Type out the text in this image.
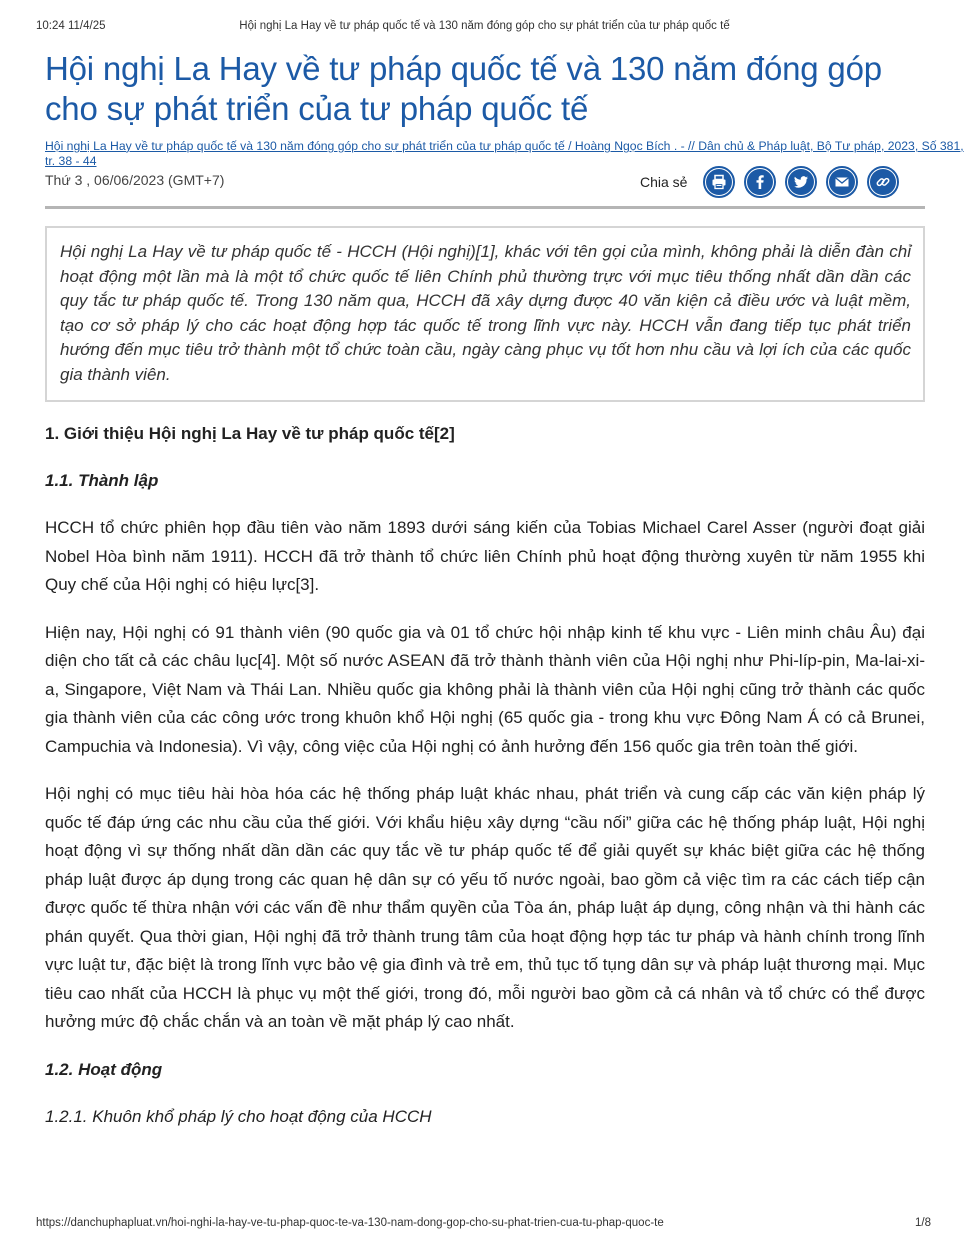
10:24 11/4/25	Hội nghị La Hay về tư pháp quốc tế và 130 năm đóng góp cho sự phát triển của tư pháp quốc tế
Hội nghị La Hay về tư pháp quốc tế và 130 năm đóng góp cho sự phát triển của tư pháp quốc tế
Hội nghị La Hay về tư pháp quốc tế và 130 năm đóng góp cho sự phát triển của tư pháp quốc tế / Hoàng Ngọc Bích . - // Dân chủ & Pháp luật, Bộ Tư pháp, 2023, Số 381, tr. 38 - 44
Thứ 3 , 06/06/2023 (GMT+7)	Chia sẻ

Hội nghị La Hay về tư pháp quốc tế - HCCH (Hội nghị)[1], khác với tên gọi của mình, không phải là diễn đàn chỉ hoạt động một lần mà là một tổ chức quốc tế liên Chính phủ thường trực với mục tiêu thống nhất dần dần các quy tắc tư pháp quốc tế. Trong 130 năm qua, HCCH đã xây dựng được 40 văn kiện cả điều ước và luật mềm, tạo cơ sở pháp lý cho các hoạt động hợp tác quốc tế trong lĩnh vực này. HCCH vẫn đang tiếp tục phát triển hướng đến mục tiêu trở thành một tổ chức toàn cầu, ngày càng phục vụ tốt hơn nhu cầu và lợi ích của các quốc gia thành viên.

1. Giới thiệu Hội nghị La Hay về tư pháp quốc tế[2]
1.1. Thành lập

HCCH tổ chức phiên họp đầu tiên vào năm 1893 dưới sáng kiến của Tobias Michael Carel Asser (người đoạt giải Nobel Hòa bình năm 1911). HCCH đã trở thành tổ chức liên Chính phủ hoạt động thường xuyên từ năm 1955 khi Quy chế của Hội nghị có hiệu lực[3].

Hiện nay, Hội nghị có 91 thành viên (90 quốc gia và 01 tổ chức hội nhập kinh tế khu vực - Liên minh châu Âu) đại diện cho tất cả các châu lục[4]. Một số nước ASEAN đã trở thành thành viên của Hội nghị như Phi-líp-pin, Ma-lai-xi-a, Singapore, Việt Nam và Thái Lan. Nhiều quốc gia không phải là thành viên của Hội nghị cũng trở thành các quốc gia thành viên của các công ước trong khuôn khổ Hội nghị (65 quốc gia - trong khu vực Đông Nam Á có cả Brunei, Campuchia và Indonesia). Vì vậy, công việc của Hội nghị có ảnh hưởng đến 156 quốc gia trên toàn thế giới.

Hội nghị có mục tiêu hài hòa hóa các hệ thống pháp luật khác nhau, phát triển và cung cấp các văn kiện pháp lý quốc tế đáp ứng các nhu cầu của thế giới. Với khẩu hiệu xây dựng “cầu nối” giữa các hệ thống pháp luật, Hội nghị hoạt động vì sự thống nhất dần dần các quy tắc về tư pháp quốc tế để giải quyết sự khác biệt giữa các hệ thống pháp luật được áp dụng trong các quan hệ dân sự có yếu tố nước ngoài, bao gồm cả việc tìm ra các cách tiếp cận được quốc tế thừa nhận với các vấn đề như thẩm quyền của Tòa án, pháp luật áp dụng, công nhận và thi hành các phán quyết. Qua thời gian, Hội nghị đã trở thành trung tâm của hoạt động hợp tác tư pháp và hành chính trong lĩnh vực luật tư, đặc biệt là trong lĩnh vực bảo vệ gia đình và trẻ em, thủ tục tố tụng dân sự và pháp luật thương mại. Mục tiêu cao nhất của HCCH là phục vụ một thế giới, trong đó, mỗi người bao gồm cả cá nhân và tổ chức có thể được hưởng mức độ chắc chắn và an toàn về mặt pháp lý cao nhất.

1.2. Hoạt động
1.2.1. Khuôn khổ pháp lý cho hoạt động của HCCH
https://danchuphapluat.vn/hoi-nghi-la-hay-ve-tu-phap-quoc-te-va-130-nam-dong-gop-cho-su-phat-trien-cua-tu-phap-quoc-te	1/8
